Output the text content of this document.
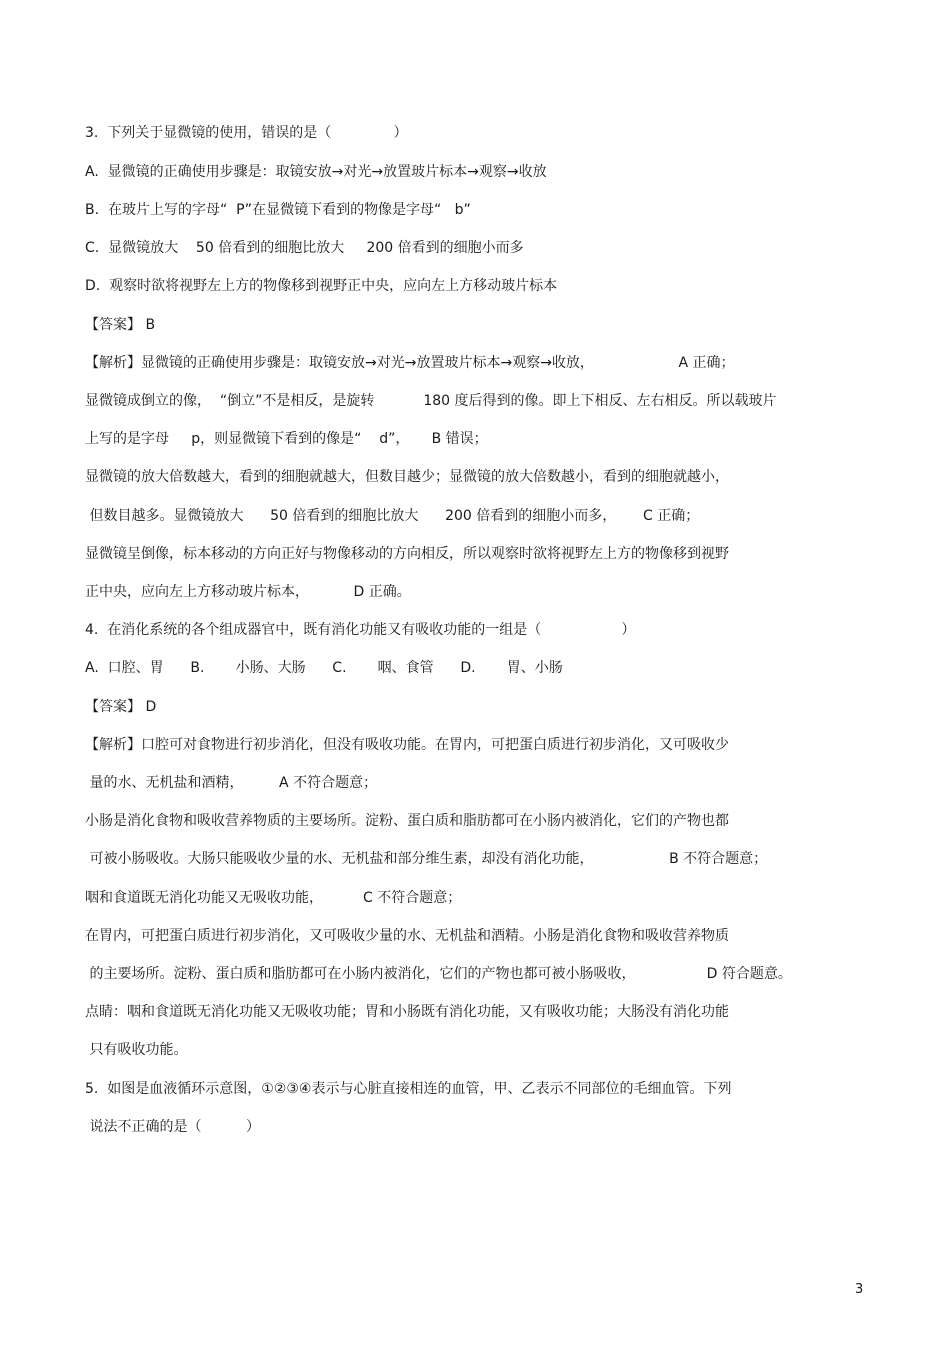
3.  下列关于显微镜的使用，错误的是（              ）
A.  显微镜的正确使用步骤是：取镜安放→对光→放置玻片标本→观察→收放
B.  在玻片上写的字母“  P”在显微镜下看到的物像是字母“   b”
C.  显微镜放大    50 倍看到的细胞比放大     200 倍看到的细胞小而多
D.  观察时欲将视野左上方的物像移到视野正中央，应向左上方移动玻片标本
【答案】 B
【解析】显微镜的正确使用步骤是：取镜安放→对光→放置玻片标本→观察→收放，                   A 正确；
显微镜成倒立的像，  “倒立”不是相反，是旋转           180 度后得到的像。即上下相反、左右相反。所以载玻片
上写的是字母     p，则显微镜下看到的像是“    d”，     B 错误；
显微镜的放大倍数越大，看到的细胞就越大，但数目越少；显微镜的放大倍数越小，看到的细胞就越小，
但数目越多。显微镜放大      50 倍看到的细胞比放大      200 倍看到的细胞小而多，      C 正确；
显微镜呈倒像，标本移动的方向正好与物像移动的方向相反，所以观察时欲将视野左上方的物像移到视野
正中央，应向左上方移动玻片标本，          D 正确。
4.  在消化系统的各个组成器官中，既有消化功能又有吸收功能的一组是（                  ）
A.  口腔、胃      B.       小肠、大肠      C.       咽、食管      D.       胃、小肠
【答案】 D
【解析】口腔可对食物进行初步消化，但没有吸收功能。在胃内，可把蛋白质进行初步消化，又可吸收少
量的水、无机盐和酒精，        A 不符合题意；
小肠是消化食物和吸收营养物质的主要场所。淀粉、蛋白质和脂肪都可在小肠内被消化，它们的产物也都
可被小肠吸收。大肠只能吸收少量的水、无机盐和部分维生素，却没有消化功能，                 B 不符合题意；
咽和食道既无消化功能又无吸收功能，         C 不符合题意；
在胃内，可把蛋白质进行初步消化，又可吸收少量的水、无机盐和酒精。小肠是消化食物和吸收营养物质
的主要场所。淀粉、蛋白质和脂肪都可在小肠内被消化，它们的产物也都可被小肠吸收，                D 符合题意。
点睛：咽和食道既无消化功能又无吸收功能；胃和小肠既有消化功能，又有吸收功能；大肠没有消化功能
只有吸收功能。
5.  如图是血液循环示意图，①②③④表示与心脏直接相连的血管，甲、乙表示不同部位的毛细血管。下列
说法不正确的是（          ）
3
